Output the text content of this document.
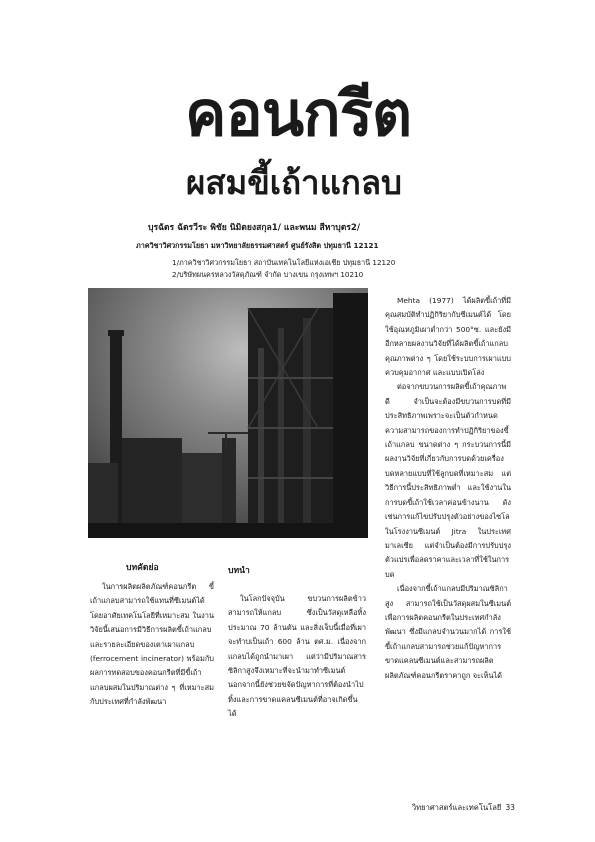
คอนกรีต
ผสมขี้เถ้าแกลบ
บุรฉัตร ฉัตรวีระ พิชัย นิมิตยงสกุล1/ และพนม สีหาบุตร2/
ภาควิชาวิศวกรรมโยธา มหาวิทยาลัยธรรมศาสตร์ ศูนย์รังสิต ปทุมธานี 12121
1/ภาควิชาวิศวกรรมโยธา สถาบันเทคโนโลยีแห่งเอเชีย ปทุมธานี 12120
2/บริษัทผนครหลวงวัสดุภัณฑ์ จำกัด บางเขน กรุงเทพฯ 10210
บทคัดย่อ

ในการผลิตผลิตภัณฑ์คอนกรีต ขี้เถ้าแกลบสามารถใช้แทนที่ซีเมนต์ได้ โดยอาศัยเทคโนโลยีที่เหมาะสม ในงานวิจัยนี้เสนอการมีวิธีการผลิตขี้เถ้าแกลบ และรายละเอียดของเตาเผาแกลบ (ferrocement incinerator) พร้อมกับผลการทดสอบของคอนกรีตที่มีขี้เถ้าแกลบผสมในปริมาณต่าง ๆ ที่เหมาะสมกับประเทศที่กำลังพัฒนา

บทนำ

ในโลกปัจจุบัน ขบวนการผลิตข้าวสามารถให้แกลบ ซึ่งเป็นวัสดุเหลือทิ้งประมาณ 70 ล้านตัน และสิ่งเจ็บนี้เมื่อที่เผาจะทำบเป็นเถ้า 600 ล้าน ตศ.ม. เนื่องจากแกลบได้ถูกนำมาเผา แต่ว่ามีปริมาณสารซิลิกาสูงจึงเหมาะที่จะนำมาทำซีเมนต์ นอกจากนี้ยังช่วยขจัดปัญหาการที่ต้องนำไปทิ้งและการขาดแคลนซีเมนต์ที่อาจเกิดขึ้นได้

Mehta (1977) ได้ผลิตขี้เถ้าที่มีคุณสมบัติทำปฏิกิริยากับซีเมนต์ได้ โดยใช้อุณหภูมิเผาต่ำกว่า 500°ซ. และยังมีอีกหลายผลงานวิจัยที่ได้ผลิตขี้เถ้าแกลบคุณภาพต่าง ๆ โดยใช้ระบบการเผาแบบควบคุมอากาศ และแบบเปิดโล่ง

ต่อจากขบวนการผลิตขี้เถ้าคุณภาพดี จำเป็นจะต้องมีขบวนการบดที่มีประสิทธิภาพเพราะจะเป็นตัวกำหนดความสามารถของการทำปฏิกิริยาของขี้เถ้าแกลบ ขนาดต่าง ๆ กระบวนการนี้มีผลงานวิจัยที่เกี่ยวกับการบดด้วยเครื่องบดหลายแบบที่ใช้ลูกบดที่เหมาะสม แต่วิธีการนี้ประสิทธิภาพต่ำ และใช้งานในการบดขี้เถ้าใช้เวลาค่อนข้างนาน ดังเช่นการแก้ไขปรับปรุงตัวอย่างของไซโลในโรงงานซีเมนต์ Jitra ในประเทศมาเลเซีย แต่จำเป็นต้องมีการปรับปรุงตัวแปรเพื่อลดราคาและเวลาที่ใช้ในการบด

เนื่องจากขี้เถ้าแกลบมีปริมาณซิลิกาสูง สามารถใช้เป็นวัสดุผสมในซีเมนต์เพื่อการผลิตคอนกรีตในประเทศกำลังพัฒนา ซึ่งมีแกลบจำนวนมากได้ การใช้ขี้เถ้าแกลบสามารถช่วยแก้ปัญหาการขาดแคลนซีเมนต์และสามารถผลิตผลิตภัณฑ์คอนกรีตราคาถูก จะเห็นได้

วิทยาศาสตร์และเทคโนโลยี 33
